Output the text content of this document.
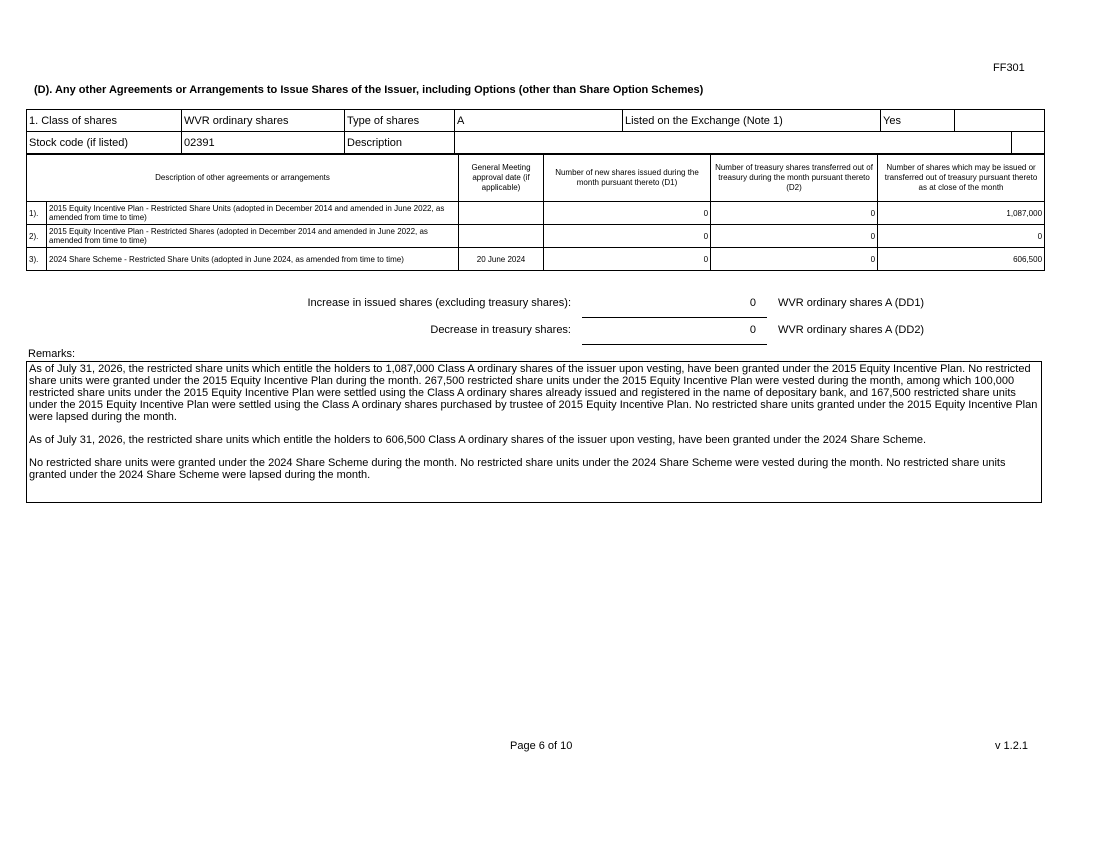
FF301
(D). Any other Agreements or Arrangements to Issue Shares of the Issuer, including Options (other than Share Option Schemes)
1. Class of shares	WVR ordinary shares	Type of shares	A	Listed on the Exchange (Note 1)	Yes		
Stock code (if listed)	02391	Description					
Description of other agreements or arrangements		General Meeting approval date (if applicable)	Number of new shares issued during the month pursuant thereto (D1)	Number of treasury shares transferred out of treasury during the month pursuant thereto (D2)	Number of shares which may be issued or transferred out of treasury pursuant thereto as at close of the month
1).	2015 Equity Incentive Plan - Restricted Share Units (adopted in December 2014 and amended in June 2022, as amended from time to time)		0	0	1,087,000
2).	2015 Equity Incentive Plan - Restricted Shares (adopted in December 2014 and amended in June 2022, as amended from time to time)		0	0	0
3).	2024 Share Scheme - Restricted Share Units (adopted in June 2024, as amended from time to time)	20 June 2024	0	0	606,500
Increase in issued shares (excluding treasury shares):	0 WVR ordinary shares A (DD1)
Decrease in treasury shares:	0 WVR ordinary shares A (DD2)
Remarks:

As of July 31, 2026, the restricted share units which entitle the holders to 1,087,000 Class A ordinary shares of the issuer upon vesting, have been granted under the 2015 Equity Incentive Plan. No restricted share units were granted under the 2015 Equity Incentive Plan during the month. 267,500 restricted share units under the 2015 Equity Incentive Plan were vested during the month, among which 100,000 restricted share units under the 2015 Equity Incentive Plan were settled using the Class A ordinary shares already issued and registered in the name of depositary bank, and 167,500 restricted share units under the 2015 Equity Incentive Plan were settled using the Class A ordinary shares purchased by trustee of 2015 Equity Incentive Plan. No restricted share units granted under the 2015 Equity Incentive Plan were lapsed during the month.

As of July 31, 2026, the restricted share units which entitle the holders to 606,500 Class A ordinary shares of the issuer upon vesting, have been granted under the 2024 Share Scheme.

No restricted share units were granted under the 2024 Share Scheme during the month. No restricted share units under the 2024 Share Scheme were vested during the month. No restricted share units granted under the 2024 Share Scheme were lapsed during the month.

Page 6 of 10	v 1.2.1
